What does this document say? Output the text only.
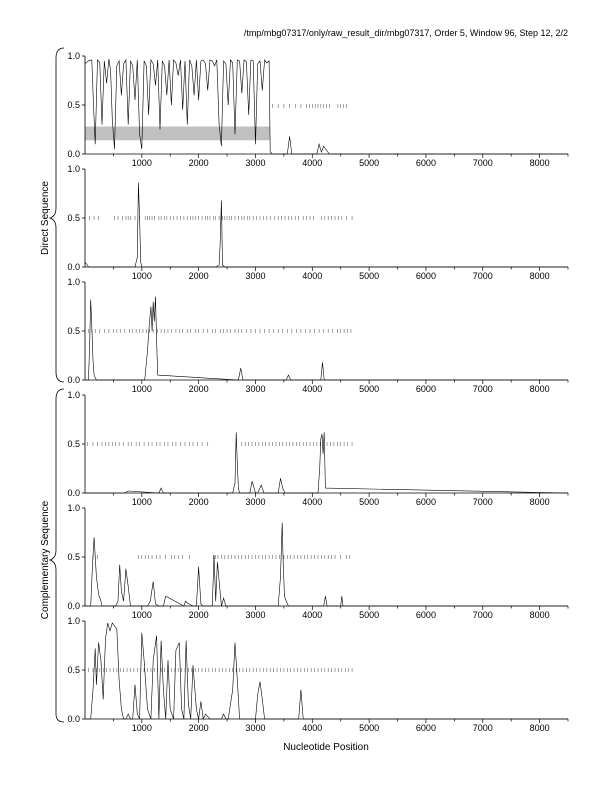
/tmp/mbg07317/only/raw_result_dir/mbg07317, Order 5, Window 96, Step 12, 2/2
Nucleotide Position
Direct Sequence
Complementary Sequence
0.0
0.5
1.0
1000	2000	3000	4000	5000	6000	7000	8000
0.0
0.5
1.0
1000	2000	3000	4000	5000	6000	7000	8000
0.0
0.5
1.0
1000	2000	3000	4000	5000	6000	7000	8000
0.0
0.5
1.0
1000	2000	3000	4000	5000	6000	7000	8000
0.0
0.5
1.0
1000	2000	3000	4000	5000	6000	7000	8000
0.0
0.5
1.0
1000	2000	3000	4000	5000	6000	7000	8000
